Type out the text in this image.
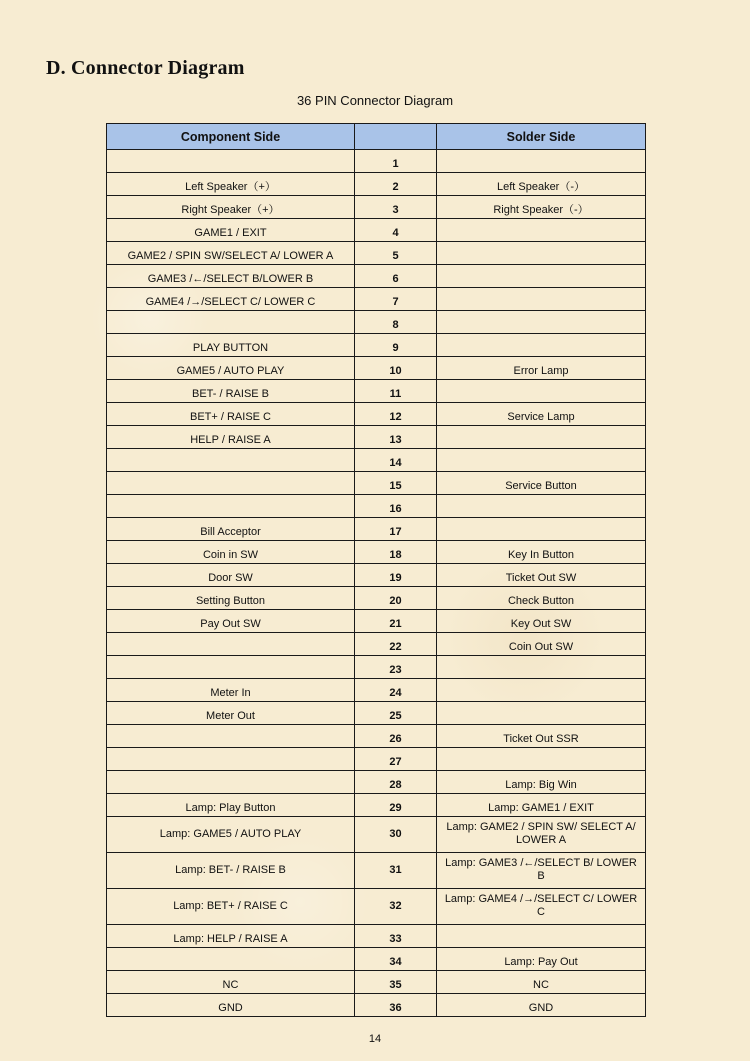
D. Connector Diagram
36 PIN Connector Diagram
Component Side		Solder Side
	1	
Left Speaker（+）	2	Left Speaker（-）
Right Speaker（+）	3	Right Speaker（-）
GAME1 / EXIT	4	
GAME2 / SPIN SW/SELECT A/ LOWER A	5	
GAME3 /←/SELECT B/LOWER B	6	
GAME4 /→/SELECT C/ LOWER C	7	
	8	
PLAY BUTTON	9	
GAME5 / AUTO PLAY	10	Error Lamp
BET- / RAISE B	11	
BET+ / RAISE C	12	Service Lamp
HELP / RAISE A	13	
	14	
	15	Service Button
	16	
Bill Acceptor	17	
Coin in SW	18	Key In Button
Door SW	19	Ticket Out SW
Setting Button	20	Check Button
Pay Out SW	21	Key Out SW
	22	Coin Out SW
	23	
Meter In	24	
Meter Out	25	
	26	Ticket Out SSR
	27	
	28	Lamp: Big Win
Lamp: Play Button	29	Lamp: GAME1 / EXIT
Lamp: GAME5 / AUTO PLAY	30	Lamp: GAME2 / SPIN SW/ SELECT A/ LOWER A
Lamp: BET- / RAISE B	31	Lamp: GAME3 /←/SELECT B/ LOWER B
Lamp: BET+ / RAISE C	32	Lamp: GAME4 /→/SELECT C/ LOWER C
Lamp: HELP / RAISE A	33	
	34	Lamp: Pay Out
NC	35	NC
GND	36	GND
14
